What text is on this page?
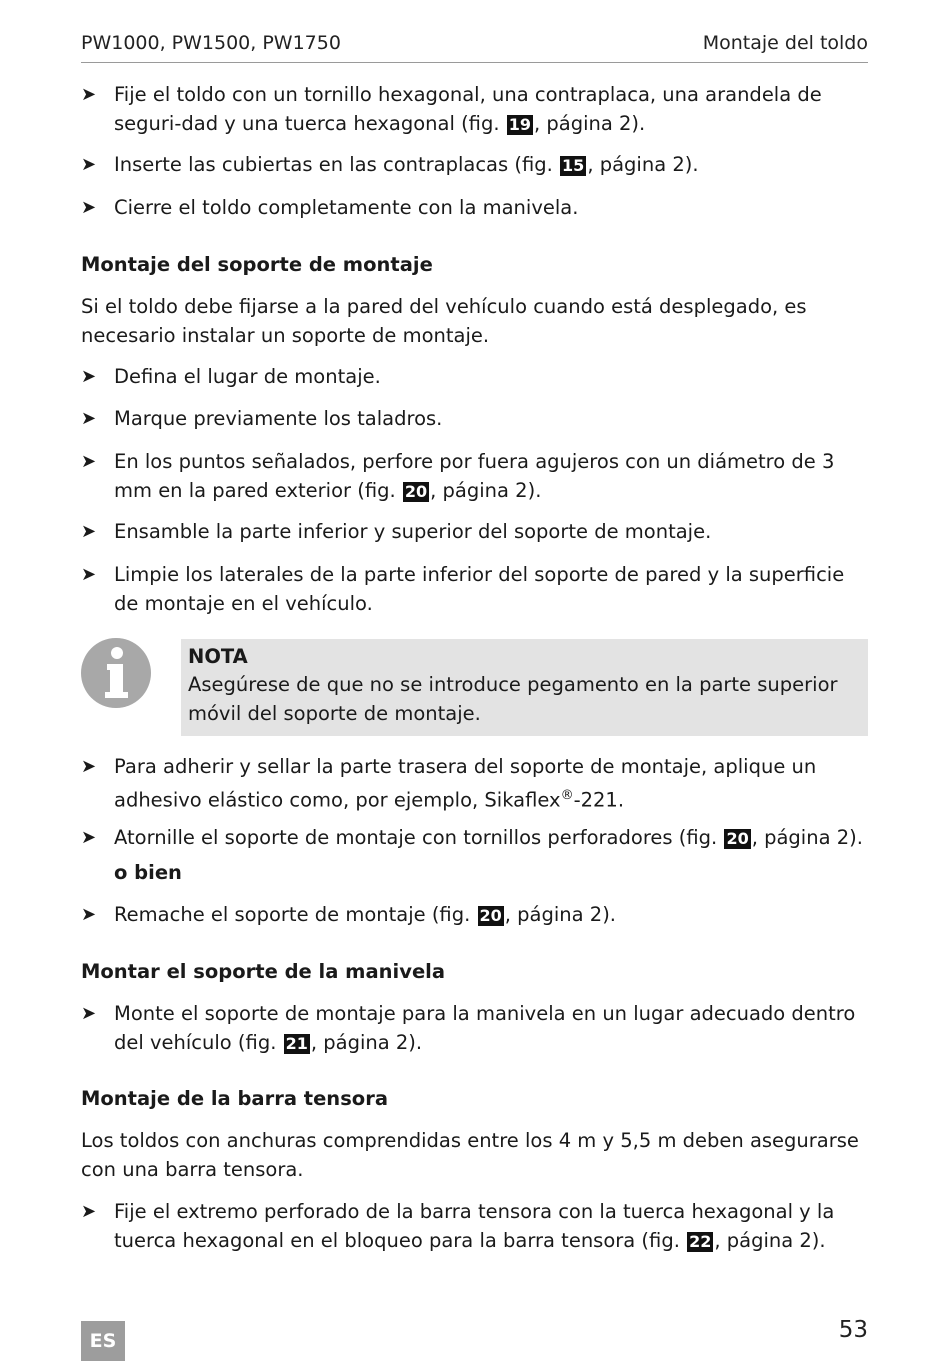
PW1000, PW1500, PW1750	Montaje del toldo
➤ Fije el toldo con un tornillo hexagonal, una contraplaca, una arandela de seguri-dad y una tuerca hexagonal (fig. 19 , página 2).
➤ Inserte las cubiertas en las contraplacas (fig. 15 , página 2).
➤ Cierre el toldo completamente con la manivela.
Montaje del soporte de montaje
Si el toldo debe fijarse a la pared del vehículo cuando está desplegado, es necesario instalar un soporte de montaje.
➤ Defina el lugar de montaje.
➤ Marque previamente los taladros.
➤ En los puntos señalados, perfore por fuera agujeros con un diámetro de 3 mm en la pared exterior (fig. 20 , página 2).
➤ Ensamble la parte inferior y superior del soporte de montaje.
➤ Limpie los laterales de la parte inferior del soporte de pared y la superficie de montaje en el vehículo.
NOTA
Asegúrese de que no se introduce pegamento en la parte superior móvil del soporte de montaje.
➤ Para adherir y sellar la parte trasera del soporte de montaje, aplique un adhesivo elástico como, por ejemplo, Sikaflex®-221.
➤ Atornille el soporte de montaje con tornillos perforadores (fig. 20 , página 2).
o bien
➤ Remache el soporte de montaje (fig. 20 , página 2).
Montar el soporte de la manivela
➤ Monte el soporte de montaje para la manivela en un lugar adecuado dentro del vehículo (fig. 21 , página 2).
Montaje de la barra tensora
Los toldos con anchuras comprendidas entre los 4 m y 5,5 m deben asegurarse con una barra tensora.
➤ Fije el extremo perforado de la barra tensora con la tuerca hexagonal y la tuerca hexagonal en el bloqueo para la barra tensora (fig. 22 , página 2).
ES	53
